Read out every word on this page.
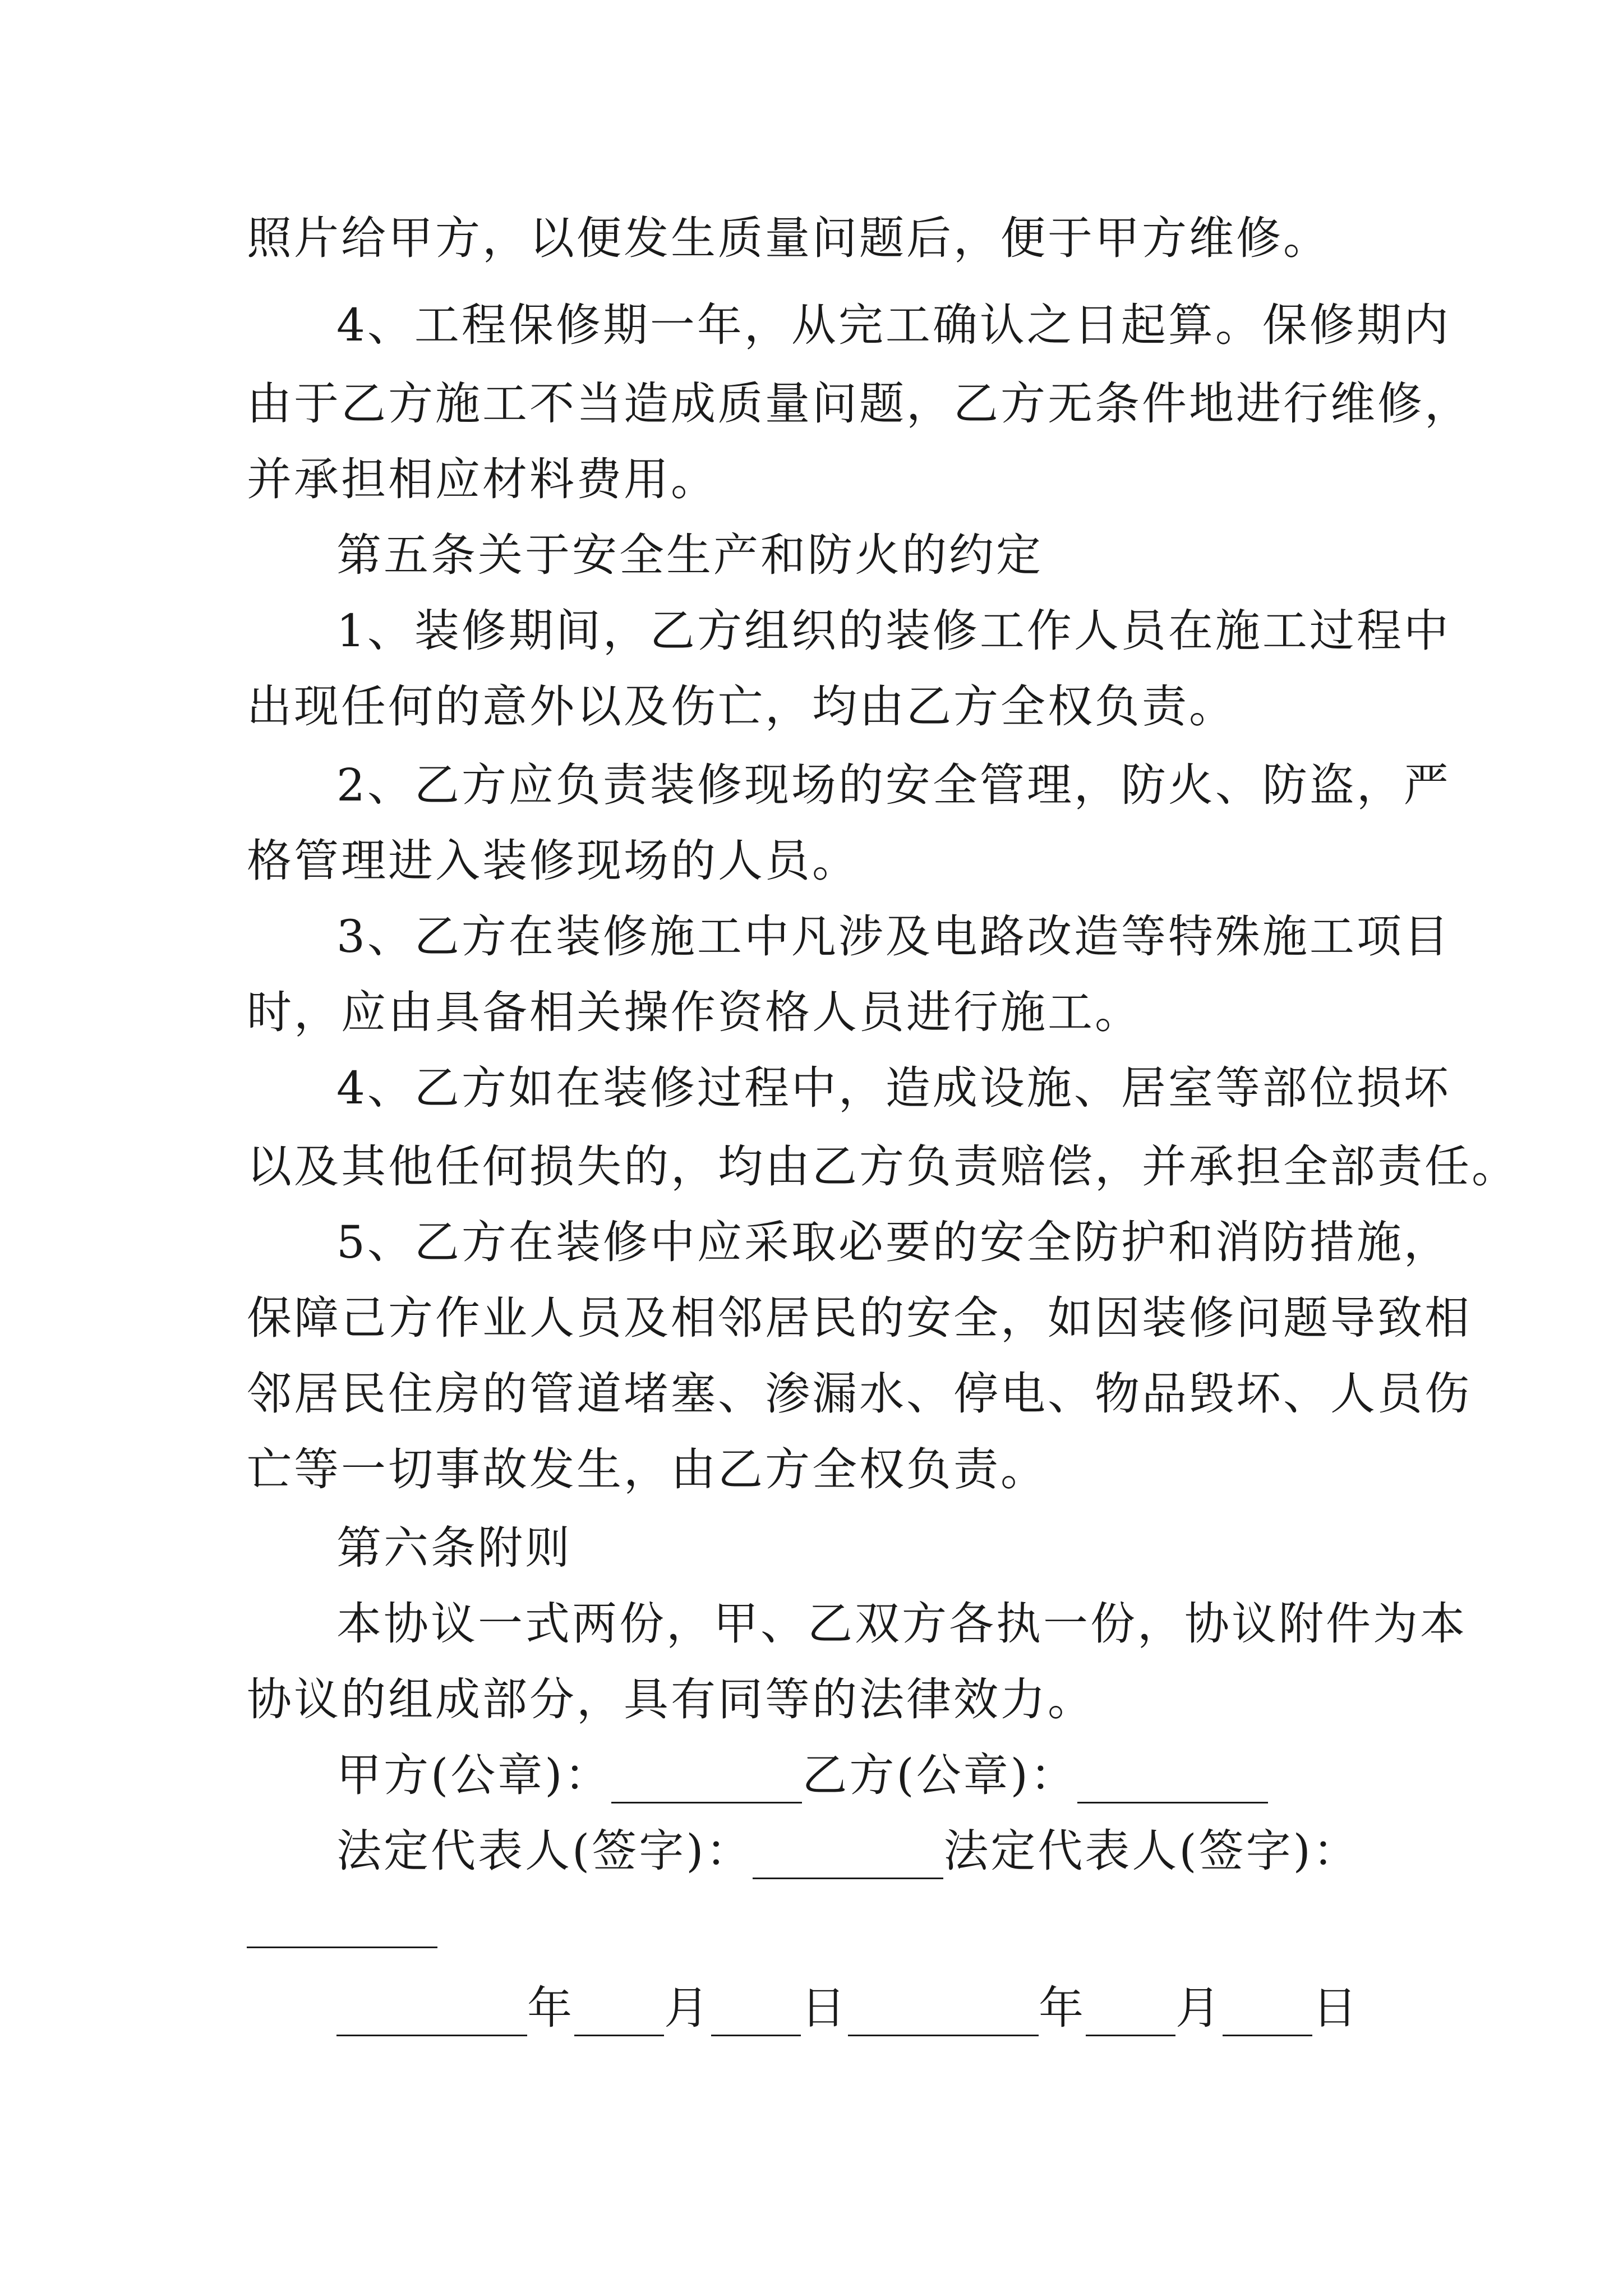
照片给甲方，以便发生质量问题后，便于甲方维修。
4、工程保修期一年，从完工确认之日起算。保修期内
由于乙方施工不当造成质量问题，乙方无条件地进行维修，
并承担相应材料费用。
第五条关于安全生产和防火的约定
1、装修期间，乙方组织的装修工作人员在施工过程中
出现任何的意外以及伤亡，均由乙方全权负责。
2、乙方应负责装修现场的安全管理，防火、防盗，严
格管理进入装修现场的人员。
3、乙方在装修施工中凡涉及电路改造等特殊施工项目
时，应由具备相关操作资格人员进行施工。
4、乙方如在装修过程中，造成设施、居室等部位损坏
以及其他任何损失的，均由乙方负责赔偿，并承担全部责任。
5、乙方在装修中应采取必要的安全防护和消防措施，
保障己方作业人员及相邻居民的安全，如因装修问题导致相
邻居民住房的管道堵塞、渗漏水、停电、物品毁坏、人员伤
亡等一切事故发生，由乙方全权负责。
第六条附则
本协议一式两份，甲、乙双方各执一份，协议附件为本
协议的组成部分，具有同等的法律效力。
甲方(公章)：	乙方(公章)：
法定代表人(签字)：	法定代表人(签字)：
年 月 日	年 月 日
